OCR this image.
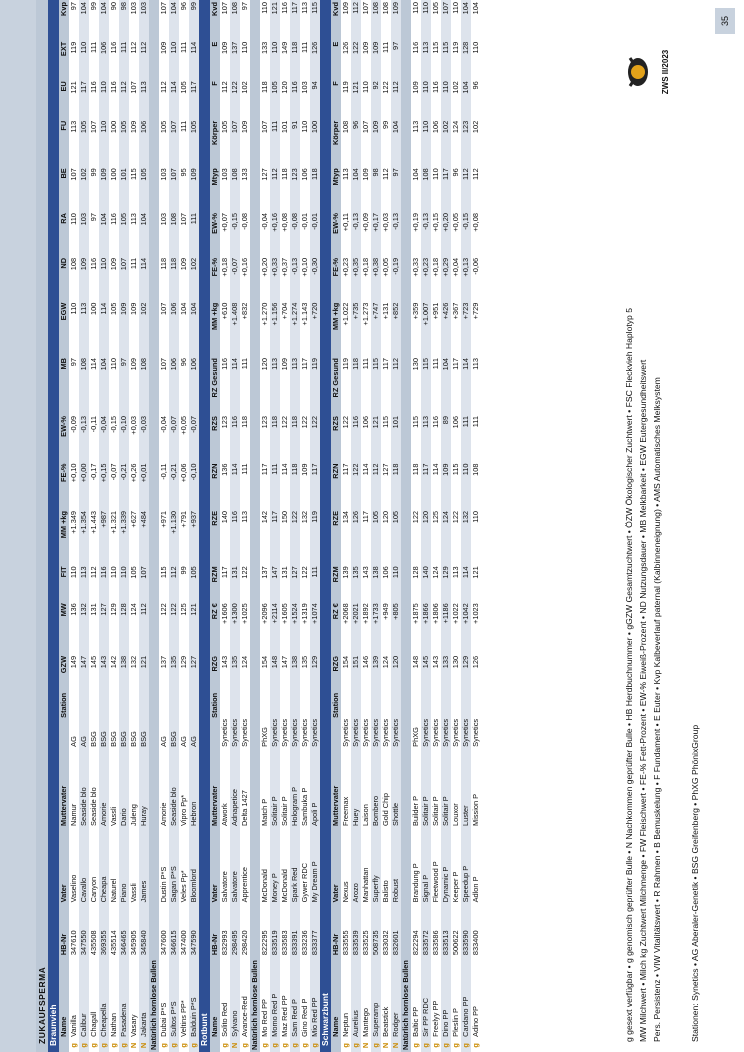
ZUKAUFSPERMA Braunvieh
	Name	HB-Nr	Vater	Muttervater	Station	GZW	MW	FIT	MM +kg	FE-%	EW-%	MB	EGW	ND	RA	BE	FU	EU	EXT	Kvp
g	Vanilla	347610	Vaselino	Namur	AG	149	136	110	+1.349	+0,10	-0,09	97	110	108	110	107	113	121	119	97
g	Calibur	347550	Cavallo	Seaside blo	AG	147	132	113	+1.354	+0,00	-0,13	108	113	109	103	102	105	117	110	104
g	Chagall	435508	Canyon	Seaside blo	BSG	145	131	112	+1.443	-0,17	-0,11	114	100	116	97	99	107	116	111	99
g	Cheapella	369355	Cheapa	Amorie	BSG	143	127	116	+987	+0,15	-0,04	104	114	110	104	109	110	110	106	104
g	Nathan	435514	Naturel	Vassli	BSG	142	129	110	+1.321	-0,07	-0,15	110	105	109	116	100	100	116	116	90
g	Pasadena	346465	Piano	Dario	BSG	138	128	110	+1.339	-0,21	-0,10	97	109	107	105	101	105	112	111	98
N	Vasary	345905	Vassli	Juleng	BSG	132	124	105	+627	+0,26	+0,03	109	109	111	113	115	109	107	112	103
N	Jakarta	345840	James	Huray	BSG	121	112	107	+484	+0,01	-0,03	108	102	114	104	105	106	113	112	103
Natürlich hornlose Bullen																				
g	Dubai P*S	347600	Dustin P*S	Amorie	AG	137	122	115	+971	-0,11	-0,04	107	107	118	103	103	105	112	109	107
g	Sultos P*S	346615	Sagan P*S	Seaside blo	BSG	135	122	112	+1.130	-0,21	-0,07	106	106	118	108	107	107	114	110	104
g	Veltins PP*	347400	Veles Pp*	Vipro Pp*	AG	129	125	99	+791	+0,06	+0,05	96	104	109	107	95	111	105	111	96
g	Balduin P*S	347590	Bloomlord	Hebron	AG	127	121	105	+937	-0,10	-0,07	106	104	102	111	109	105	117	114	99
Rotbunt
	Name	HB-Nr	Vater	Muttervater	Station	RZG	RZ €	RZM	RZE	RZN	RZS	RZ Gesund	MM +kg	FE-%	EW-%	Mtyp	Körper	F	E	Kvd
g	Solito Red	832993	Salvatore	Atwork	Synetics	143	+1606	117	140	136	123	116	+610	+0,18	+0,07	103	105	112	109	107
N	Sylvano	298495	Salvatore	Adnapetice	Synetics	135	+1300	131	116	114	116	114	+1.408	-0,07	-0,15	108	107	122	137	108
g	Avance-Red	298420	Apprentice	Delta 1427	Synetics	124	+1025	122	113	111	118	111	+832	+0,16	-0,08	133	109	102	110	97
Natürlich hornlose Bullen																				
g	Mo Red PP	822295	McDonald	Match P	PhXG	154	+2096	137	142	117	123	120	+1.270	+0,20	-0,04	127	107	118	133	110
g	Momo Red P	833519	Money P	Solitair P	Synetics	148	+2114	147	117	111	118	113	+1.156	+0,33	+0,16	112	111	105	110	121
g	Maz Red PP	833583	McDonald	Solitair P	Synetics	147	+1605	131	150	114	122	109	+704	+0,37	+0,08	118	101	120	149	116
g	Sam Red P	833391	Spark Red	Hologram P	Synetics	138	+1524	127	122	118	118	113	+1.274	-0,13	-0,08	123	91	116	118	117
g	Gino Red P	833236	Gywer RDC	Sambuka P	Synetics	135	+1319	122	132	109	122	117	+1.143	+0,10	-0,01	106	110	103	111	113
g	Mio Red PP	833377	My Dream P	Apoli P	Synetics	129	+1074	111	119	117	122	119	+720	-0,30	-0,01	118	100	94	126	115
Schwarzbunt
	Name	HB-Nr	Vater	Muttervater	Station	RZG	RZ €	RZM	RZE	RZN	RZS	RZ Gesund	MM +kg	FE-%	EW-%	Mtyp	Körper	F	E	Kvd
g	Neptun	833555	Nexus	Freemax	Synetics	154	+2068	139	134	117	122	119	+1.022	+0,23	+0,11	113	108	119	126	109
g	Aurelius	833539	Arozo	Huey	Synetics	151	+2021	135	126	122	116	118	+735	+0,35	-0,13	104	96	121	122	112
N	Mantego	833525	Manhattan	Laison	Synetics	146	+1892	143	117	114	106	111	+1.273	+0,18	+0,09	109	107	110	109	107
g	Superamp	508735	Superfly	Bombero	Synetics	139	+1733	138	105	112	121	115	+747	+0,38	+0,17	98	109	92	109	108
N	Beatstick	833032	Balisto	Gold Chip	Synetics	124	+949	106	120	127	115	117	+131	+0,05	+0,03	112	99	122	111	108
N	Rodger	832601	Robust	Shottle	Synetics	120	+805	110	105	118	101	112	+852	-0,19	-0,13	97	104	112	97	109
Natürlich hornlose Bullen																				
g	Baltic PP	822294	Brandung P	Builder P	PhXG	148	+1875	128	122	118	115	130	+359	+0,33	+0,19	104	113	109	116	110
g	Sir PP RDC	833572	Signal P	Solitair P	Synetics	145	+1866	140	120	117	113	115	+1.007	+0,23	-0,13	108	110	110	113	110
g	Freelyy PP	833586	Fleetwood P	Solitair P	Synetics	143	+1806	124	125	114	116	111	+951	+0,18	+0,15	110	106	116	115	105
g	Dino PP	833513	Dynamic P	Solitair P	Synetics	133	+1186	129	124	109	89	104	+426	+0,29	+0,20	117	102	110	115	107
g	Pleslin P	500622	Keeper P	Louxor	Synetics	130	+1022	113	122	115	106	117	+367	+0,04	+0,05	96	124	102	119	110
g	Cardano PP	833590	Speedup P	Luster	Synetics	129	+1042	114	132	110	111	114	+723	+0,13	-0,15	112	123	104	128	104
g	Adino PP	833400	Adlon P	Mission P	Synetics	126	+1023	121	110	108	111	113	+729	-0,06	+0,08	112	102	96	110	104
g gesext verfügbar • g genomisch geprüfter Bulle • N Nachkommen geprüfter Bulle • HB Herdbuchnummer • gGZW Gesamtzuchtwert • ÖZW Ökologischer Zuchtwert • FSC Fleckvieh Haplotyp 5 MW Milchwert • Milch kg Zuchtwert Milchmenge • FW Fleischwert • FE-% Fett-Prozent • EW-% Eiweiß-Prozent • ND Nutzungsdauer • MB Melkbarkeit • EGW Eutergesundheitswert Pers. Persistenz • VIW Vitalitätswert • R Rahmen • B Bemuskelung • F Fundament • E Euter • Kvp Kalbeverlauf paternal (Kalbinneneignung) • AMS Automatisches Melksystem	Stationen: Synetics • AG Aberaler-Genetik • BSG Greifenberg • PhXG PhönixGroup
ZWS II/2023
35
